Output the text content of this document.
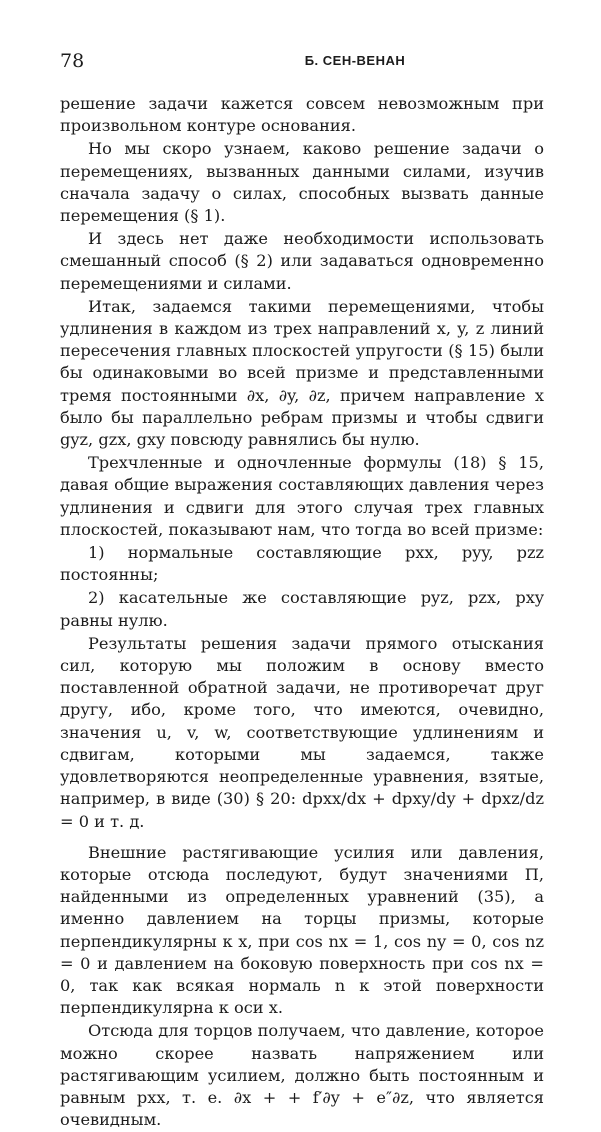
78	Б. СЕН-ВЕНАН

решение задачи кажется совсем невозможным при произвольном контуре основания.

Но мы скоро узнаем, каково решение задачи о перемещениях, вызванных данными силами, изучив сначала задачу о силах, способных вызвать данные перемещения (§ 1).

И здесь нет даже необходимости использовать смешанный способ (§ 2) или задаваться одновременно перемещениями и силами.

Итак, задаемся такими перемещениями, чтобы удлинения в каждом из трех направлений x, y, z линий пересечения главных плоскостей упругости (§ 15) были бы одинаковыми во всей призме и представленными тремя постоянными ∂x, ∂y, ∂z, причем направление x было бы параллельно ребрам призмы и чтобы сдвиги gyz, gzx, gxy повсюду равнялись бы нулю.

Трехчленные и одночленные формулы (18) § 15, давая общие выражения составляющих давления через удлинения и сдвиги для этого случая трех главных плоскостей, показывают нам, что тогда во всей призме:

1) нормальные составляющие pxx, pyy, pzz постоянны;

2) касательные же составляющие pyz, pzx, pxy равны нулю.

Результаты решения задачи прямого отыскания сил, которую мы положим в основу вместо поставленной обратной задачи, не противоречат друг другу, ибо, кроме того, что имеются, очевидно, значения u, v, w, соответствующие удлинениям и сдвигам, которыми мы задаемся, также удовлетворяются неопределенные уравнения, взятые, например, в виде (30) § 20: dpxx/dx + dpxy/dy + dpxz/dz = 0 и т. д.

Внешние растягивающие усилия или давления, которые отсюда последуют, будут значениями Π, найденными из определенных уравнений (35), а именно давлением на торцы призмы, которые перпендикулярны к x, при cos nx = 1, cos ny = 0, cos nz = 0 и давлением на боковую поверхность при cos nx = 0, так как всякая нормаль n к этой поверхности перпендикулярна к оси x.

Отсюда для торцов получаем, что давление, которое можно скорее назвать напряжением или растягивающим усилием, должно быть постоянным и равным pxx, т. е. ∂x + + f′∂y + e″∂z, что является очевидным.
